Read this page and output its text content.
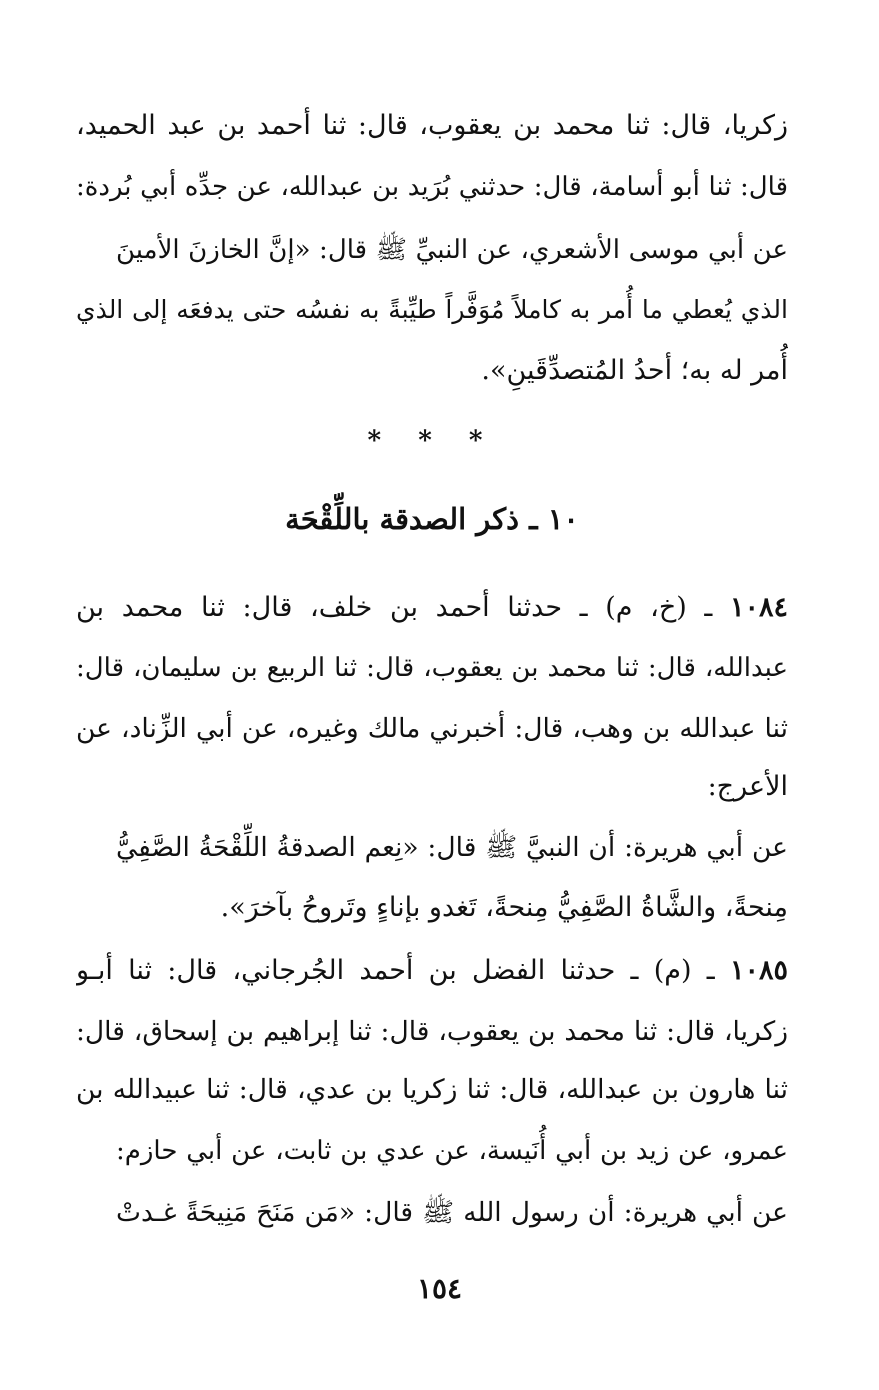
زكريا، قال: ثنا محمد بن يعقوب، قال: ثنا أحمد بن عبد الحميد،
قال: ثنا أبو أسامة، قال: حدثني بُرَيد بن عبدالله، عن جدِّه أبي بُردة:
عن أبي موسى الأشعري، عن النبيِّ ﷺ قال: «إنَّ الخازنَ الأمينَ
الذي يُعطي ما أُمر به كاملاً مُوَفَّراً طيِّبةً به نفسُه حتى يدفعَه إلى الذي
أُمر له به؛ أحدُ المُتصدِّقَينِ».
* * *
١٠ ـ ذكر الصدقة باللِّقْحَة
١٠٨٤ ـ (خ، م) ـ حدثنا أحمد بن خلف، قال: ثنا محمد بن
عبدالله، قال: ثنا محمد بن يعقوب، قال: ثنا الربيع بن سليمان، قال:
ثنا عبدالله بن وهب، قال: أخبرني مالك وغيره، عن أبي الزِّناد، عن
الأعرج:
عن أبي هريرة: أن النبيَّ ﷺ قال: «نِعم الصدقةُ اللِّقْحَةُ الصَّفِيُّ
مِنحةً، والشَّاةُ الصَّفِيُّ مِنحةً، تَغدو بإناءٍ وتَروحُ بآخرَ».
١٠٨٥ ـ (م) ـ حدثنا الفضل بن أحمد الجُرجاني، قال: ثنا أبـو
زكريا، قال: ثنا محمد بن يعقوب، قال: ثنا إبراهيم بن إسحاق، قال:
ثنا هارون بن عبدالله، قال: ثنا زكريا بن عدي، قال: ثنا عبيدالله بن
عمرو، عن زيد بن أبي أُنَيسة، عن عدي بن ثابت، عن أبي حازم:
عن أبي هريرة: أن رسول الله ﷺ قال: «مَن مَنَحَ مَنِيحَةً غـدتْ
١٥٤
